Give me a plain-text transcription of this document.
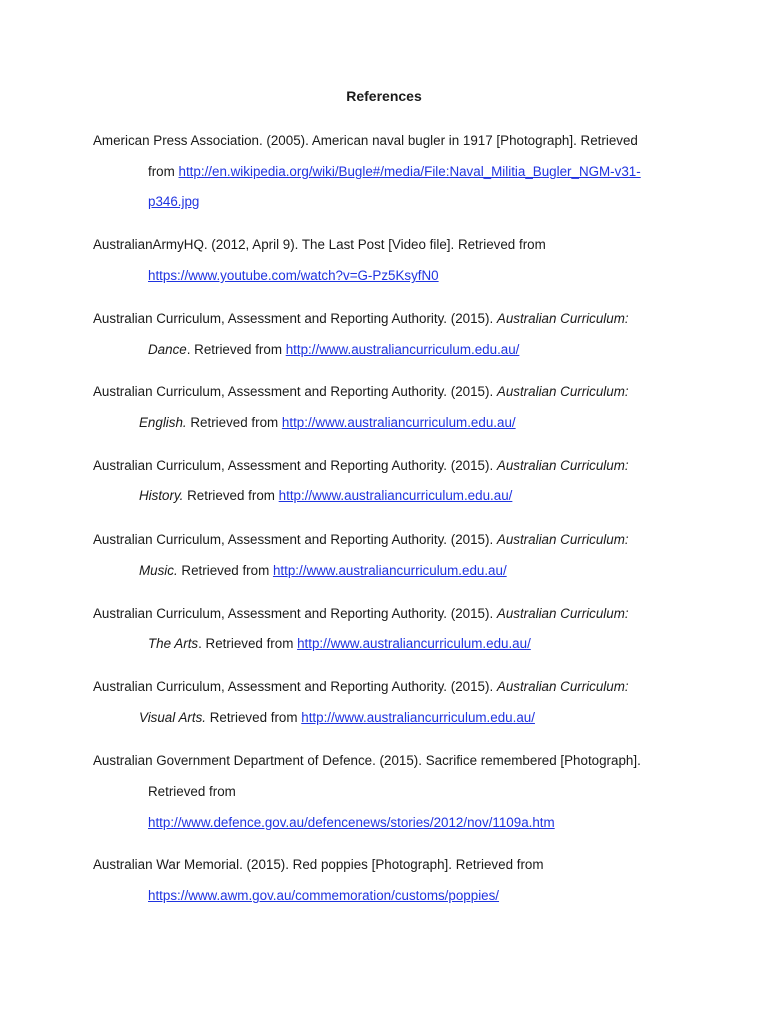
References
American Press Association. (2005). American naval bugler in 1917 [Photograph]. Retrieved
from http://en.wikipedia.org/wiki/Bugle#/media/File:Naval_Militia_Bugler_NGM-v31-
p346.jpg
AustralianArmyHQ. (2012, April 9). The Last Post [Video file]. Retrieved from
https://www.youtube.com/watch?v=G-Pz5KsyfN0
Australian Curriculum, Assessment and Reporting Authority. (2015). Australian Curriculum:
Dance. Retrieved from http://www.australiancurriculum.edu.au/
Australian Curriculum, Assessment and Reporting Authority. (2015). Australian Curriculum:
English. Retrieved from http://www.australiancurriculum.edu.au/
Australian Curriculum, Assessment and Reporting Authority. (2015). Australian Curriculum:
History. Retrieved from http://www.australiancurriculum.edu.au/
Australian Curriculum, Assessment and Reporting Authority. (2015). Australian Curriculum:
Music. Retrieved from http://www.australiancurriculum.edu.au/
Australian Curriculum, Assessment and Reporting Authority. (2015). Australian Curriculum:
The Arts. Retrieved from http://www.australiancurriculum.edu.au/
Australian Curriculum, Assessment and Reporting Authority. (2015). Australian Curriculum:
Visual Arts. Retrieved from http://www.australiancurriculum.edu.au/
Australian Government Department of Defence. (2015). Sacrifice remembered [Photograph].
Retrieved from
http://www.defence.gov.au/defencenews/stories/2012/nov/1109a.htm
Australian War Memorial. (2015). Red poppies [Photograph]. Retrieved from
https://www.awm.gov.au/commemoration/customs/poppies/
